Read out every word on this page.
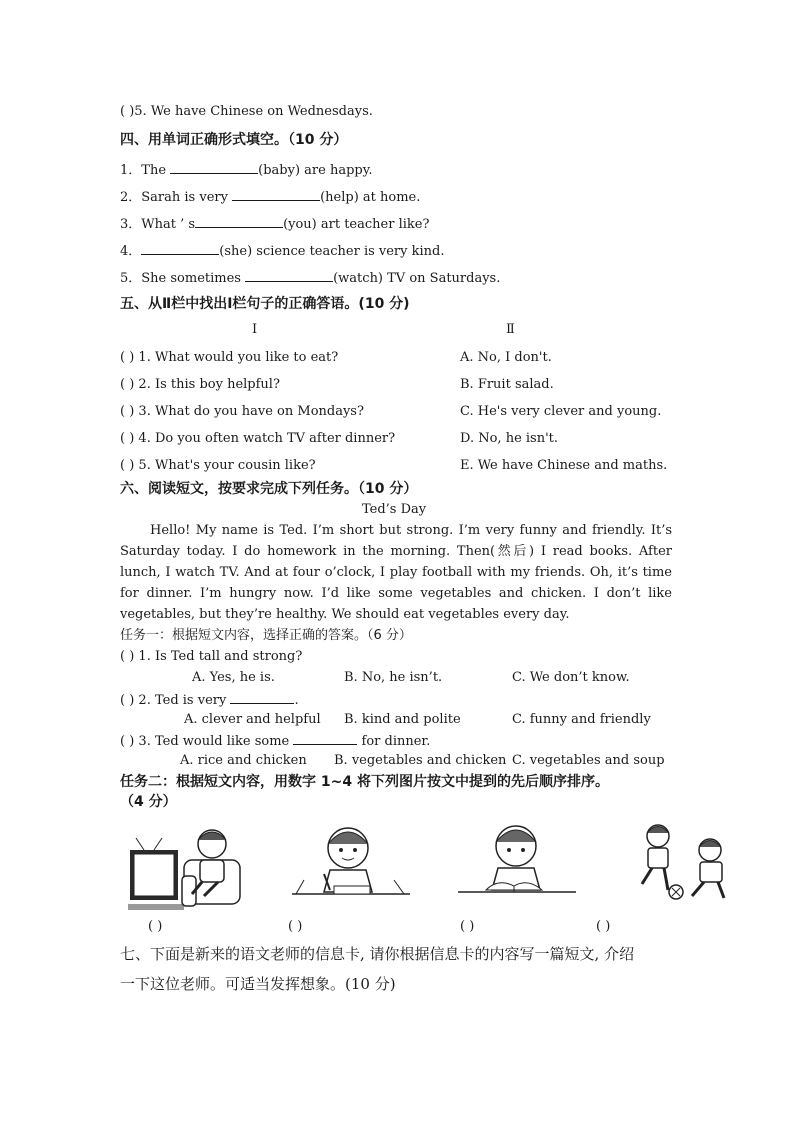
( )5. We have Chinese on Wednesdays.
四、用单词正确形式填空。（10 分）
1．The	(baby) are happy.
2．Sarah is very	(help) at home.
3．What ’ s	(you) art teacher like?
4．	(she) science teacher is very kind.
5．She sometimes	(watch) TV on Saturdays.
五、从Ⅱ栏中找出Ⅰ栏句子的正确答语。(10 分)
Ⅰ	Ⅱ
( ) 1. What would you like to eat?	A. No, I don't.
( ) 2. Is this boy helpful?	B. Fruit salad.
( ) 3. What do you have on Mondays?	C. He's very clever and young.
( ) 4. Do you often watch TV after dinner?	D. No, he isn't.
( ) 5. What's your cousin like?	E. We have Chinese and maths.
六、阅读短文，按要求完成下列任务。（10 分）
Ted’s Day

Hello! My name is Ted. I’m short but strong. I’m very funny and friendly. It’s Saturday today. I do homework in the morning. Then(然后) I read books. After lunch, I watch TV. And at four o’clock, I play football with my friends. Oh, it’s time for dinner. I’m hungry now. I’d like some vegetables and chicken. I don’t like vegetables, but they’re healthy. We should eat vegetables every day.

任务一：根据短文内容，选择正确的答案。（6 分）
( ) 1. Is Ted tall and strong?
A. Yes, he is.	B. No, he isn’t.	C. We don’t know.
( ) 2. Ted is very	.
A. clever and helpful B. kind and polite	C. funny and friendly
( ) 3. Ted would like some	for dinner.
A. rice and chicken B. vegetables and chicken C. vegetables and soup
任务二：根据短文内容，用数字 1~4 将下列图片按文中提到的先后顺序排序。
（4 分）
( )	( )	( )	( )
七、下面是新来的语文老师的信息卡, 请你根据信息卡的内容写一篇短文, 介绍
一下这位老师。可适当发挥想象。(10 分)
